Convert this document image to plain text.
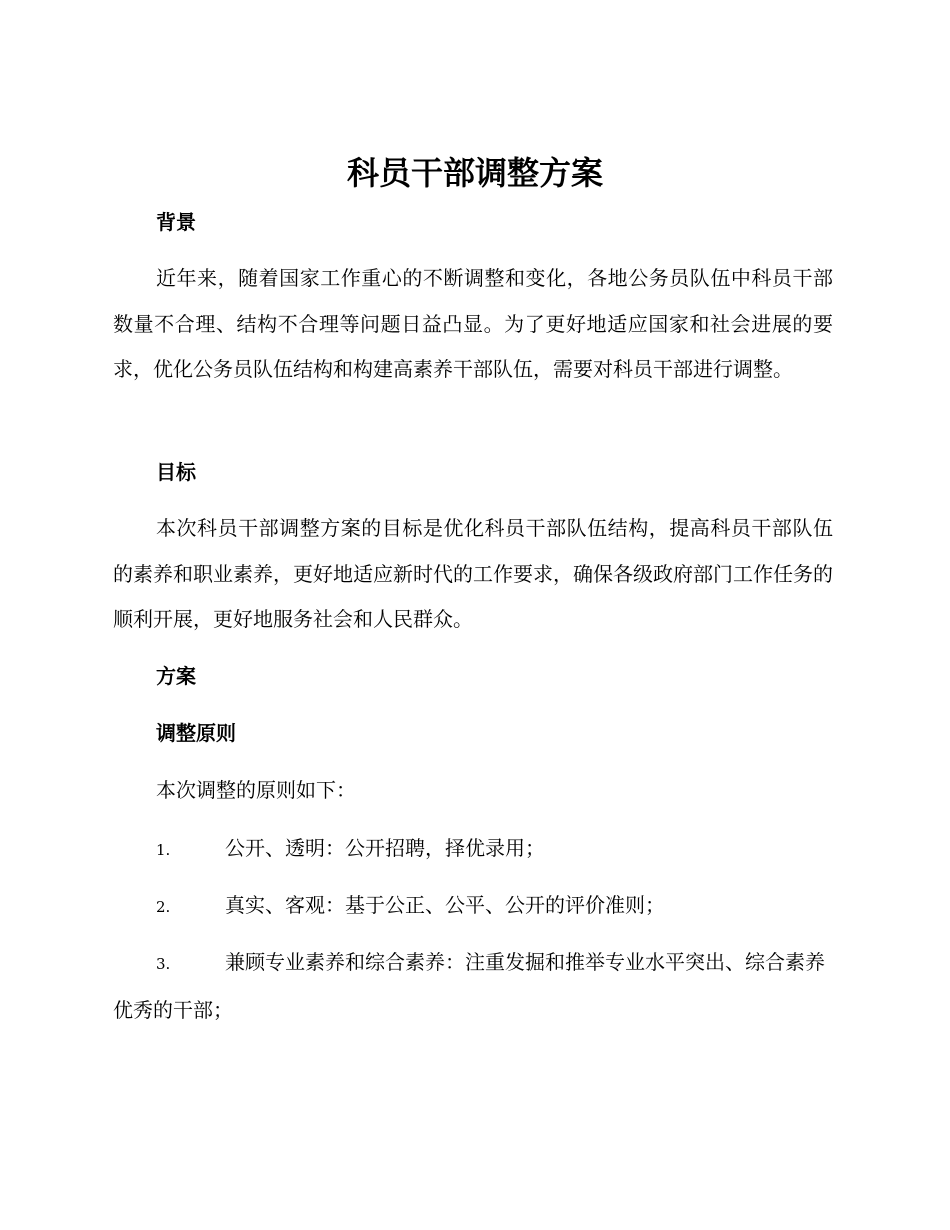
科员干部调整方案
背景

近年来，随着国家工作重心的不断调整和变化，各地公务员队伍中科员干部数量不合理、结构不合理等问题日益凸显。为了更好地适应国家和社会进展的要求，优化公务员队伍结构和构建高素养干部队伍，需要对科员干部进行调整。

目标

本次科员干部调整方案的目标是优化科员干部队伍结构，提高科员干部队伍的素养和职业素养，更好地适应新时代的工作要求，确保各级政府部门工作任务的顺利开展，更好地服务社会和人民群众。

方案
调整原则

本次调整的原则如下：

1.	公开、透明：公开招聘，择优录用；

2.	真实、客观：基于公正、公平、公开的评价准则；

3.	兼顾专业素养和综合素养：注重发掘和推举专业水平突出、综合素养优秀的干部；
